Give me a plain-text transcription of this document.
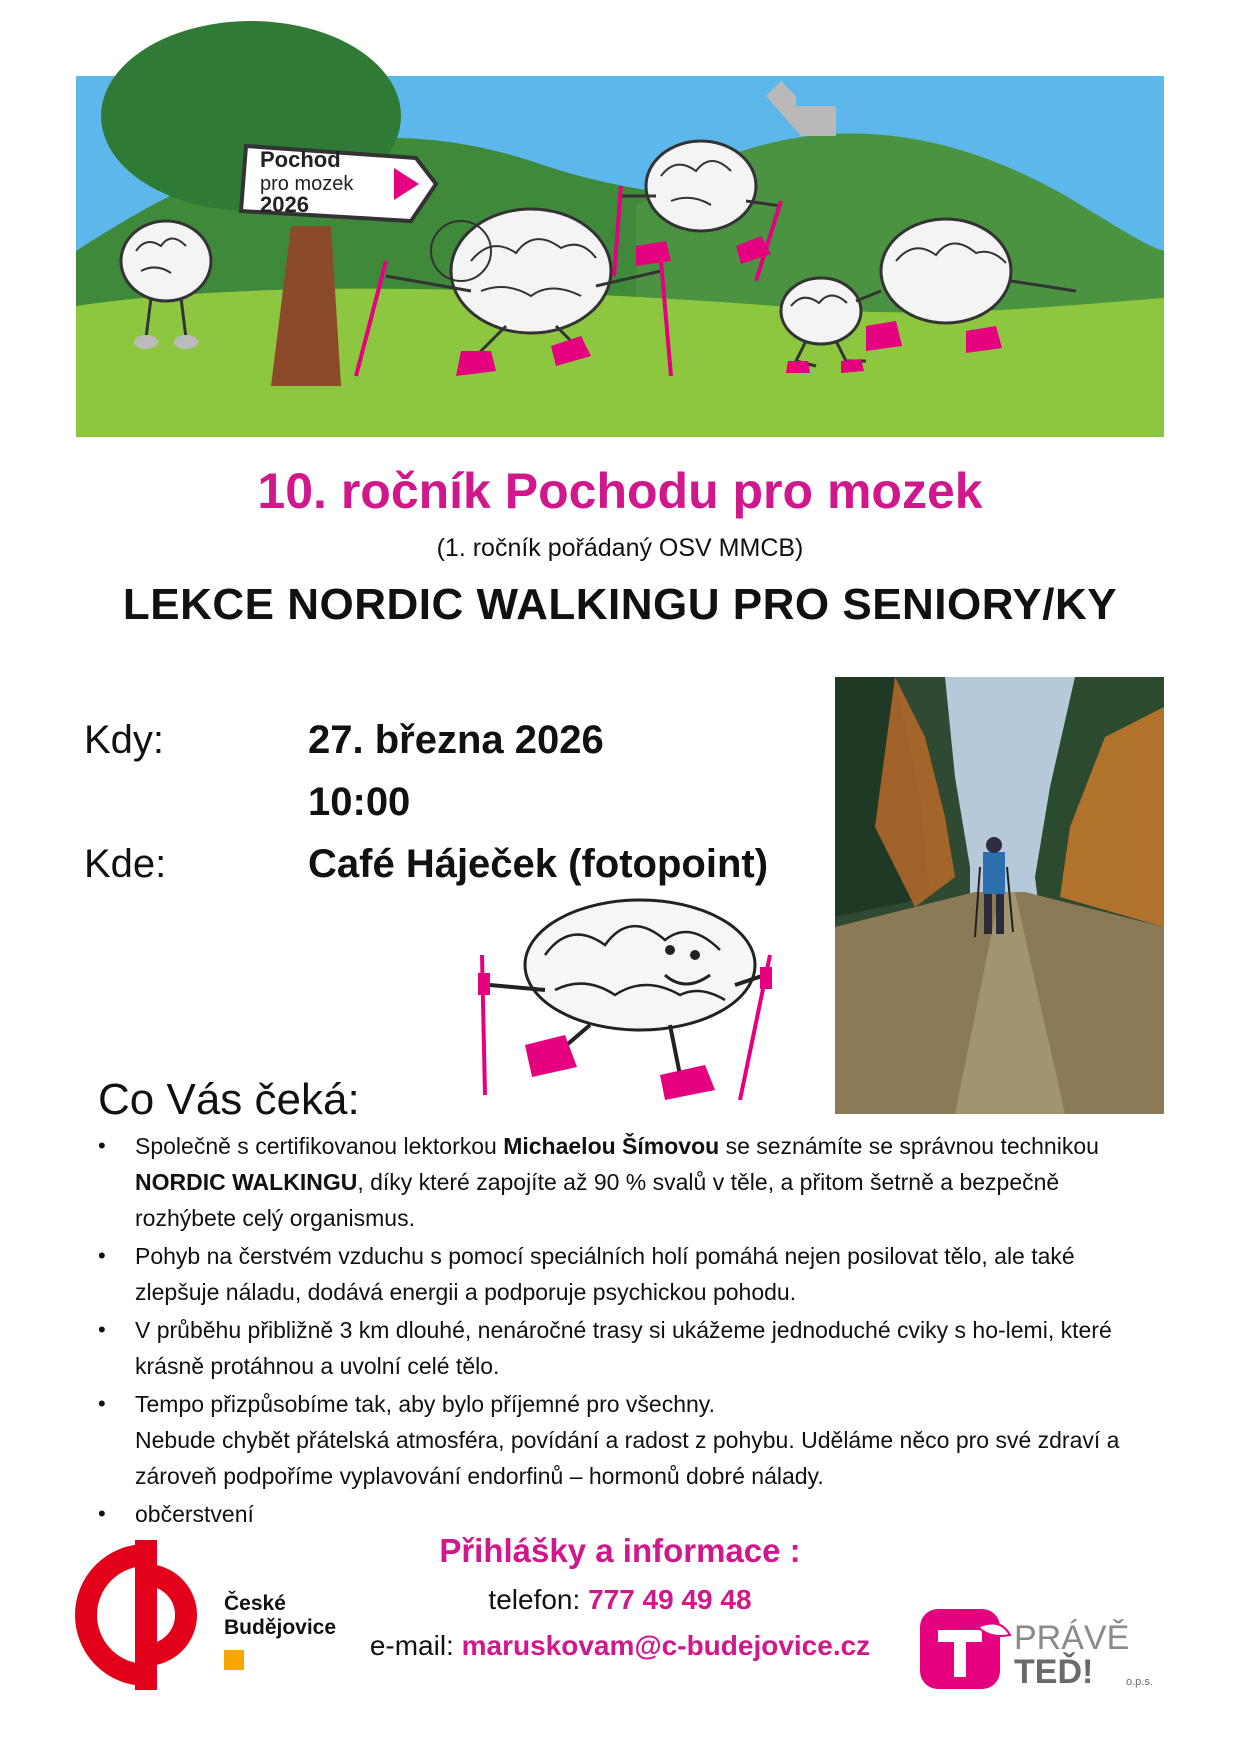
Pochod
pro mozek
2026
10. ročník Pochodu pro mozek
(1. ročník pořádaný OSV MMCB)
LEKCE NORDIC WALKINGU PRO SENIORY/KY
Kdy:	27. března 2026
10:00
Kde:	Café Háječek (fotopoint)
Co Vás čeká:
• Společně s certifikovanou lektorkou Michaelou Šímovou se seznámíte se správnou technikou NORDIC WALKINGU, díky které zapojíte až 90 % svalů v těle, a přitom šetrně a bezpečně rozhýbete celý organismus.
• Pohyb na čerstvém vzduchu s pomocí speciálních holí pomáhá nejen posilovat tělo, ale také zlepšuje náladu, dodává energii a podporuje psychickou pohodu.
• V průběhu přibližně 3 km dlouhé, nenáročné trasy si ukážeme jednoduché cviky s ho-lemi, které krásně protáhnou a uvolní celé tělo.
• Tempo přizpůsobíme tak, aby bylo příjemné pro všechny.
Nebude chybět přátelská atmosféra, povídání a radost z pohybu. Uděláme něco pro své zdraví a zároveň podpoříme vyplavování endorfinů – hormonů dobré nálady.
• občerstvení
Přihlášky a informace :
telefon: 777 49 49 48
e-mail: maruskovam@c-budejovice.cz
České
Budějovice	PRÁVĚ
TEĎ!	o.p.s.
